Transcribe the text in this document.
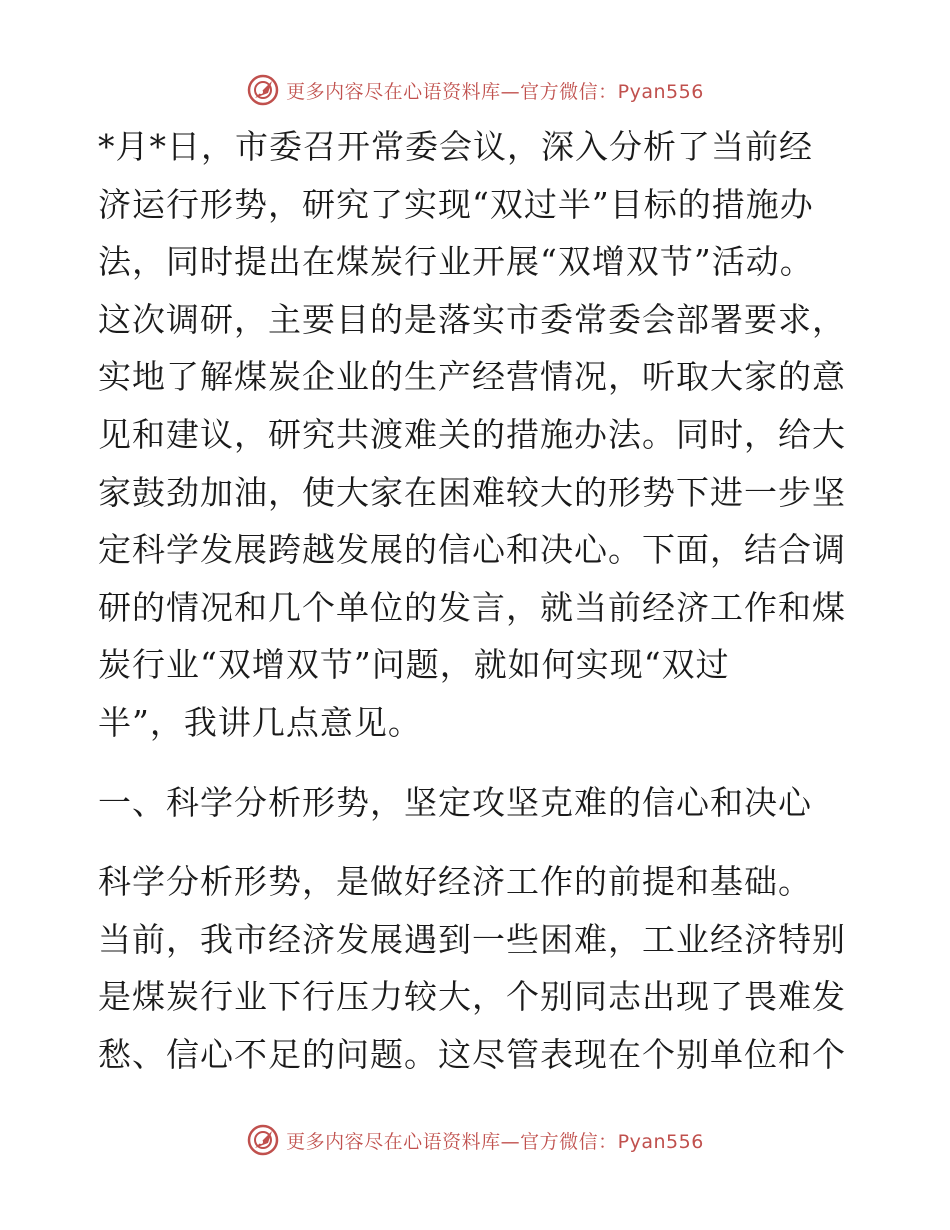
更多内容尽在心语资料库—官方微信：Pyan556
*月*日，市委召开常委会议，深入分析了当前经
济运行形势，研究了实现“双过半”目标的措施办
法，同时提出在煤炭行业开展“双增双节”活动。
这次调研，主要目的是落实市委常委会部署要求，
实地了解煤炭企业的生产经营情况，听取大家的意
见和建议，研究共渡难关的措施办法。同时，给大
家鼓劲加油，使大家在困难较大的形势下进一步坚
定科学发展跨越发展的信心和决心。下面，结合调
研的情况和几个单位的发言，就当前经济工作和煤
炭行业“双增双节”问题，就如何实现“双过
半”，我讲几点意见。
一、科学分析形势，坚定攻坚克难的信心和决心
科学分析形势，是做好经济工作的前提和基础。
当前，我市经济发展遇到一些困难，工业经济特别
是煤炭行业下行压力较大，个别同志出现了畏难发
愁、信心不足的问题。这尽管表现在个别单位和个
更多内容尽在心语资料库—官方微信：Pyan556
